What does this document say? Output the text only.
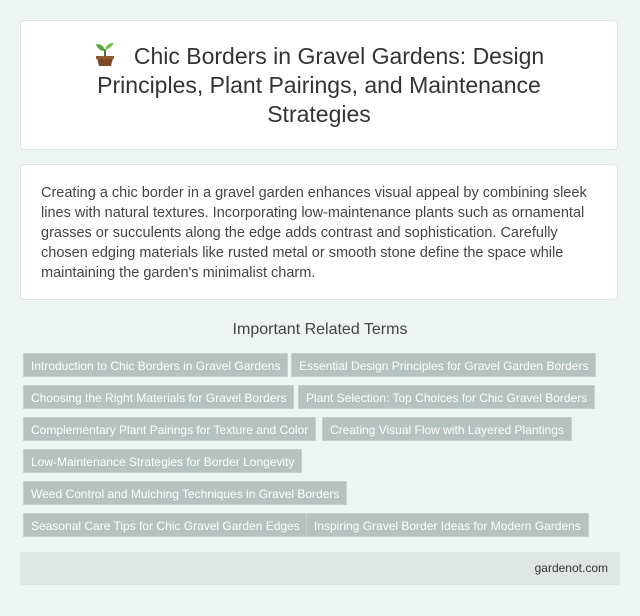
Chic Borders in Gravel Gardens: Design Principles, Plant Pairings, and Maintenance Strategies

Creating a chic border in a gravel garden enhances visual appeal by combining sleek lines with natural textures. Incorporating low-maintenance plants such as ornamental grasses or succulents along the edge adds contrast and sophistication. Carefully chosen edging materials like rusted metal or smooth stone define the space while maintaining the garden's minimalist charm.

Important Related Terms
Introduction to Chic Borders in Gravel Gardens	Essential Design Principles for Gravel Garden Borders
Choosing the Right Materials for Gravel Borders	Plant Selection: Top Choices for Chic Gravel Borders
Complementary Plant Pairings for Texture and Color	Creating Visual Flow with Layered Plantings
Low-Maintenance Strategies for Border Longevity
Weed Control and Mulching Techniques in Gravel Borders
Seasonal Care Tips for Chic Gravel Garden Edges	Inspiring Gravel Border Ideas for Modern Gardens
gardenot.com
